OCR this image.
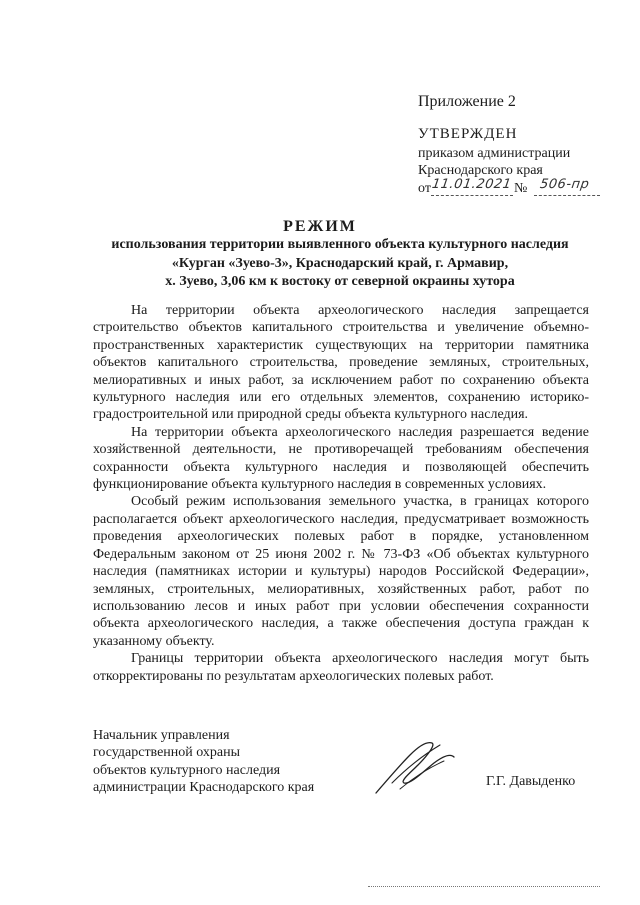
Приложение 2

УТВЕРЖДЕН
приказом администрации
Краснодарского края
от 11.01.2021 № 506-пр
РЕЖИМ
использования территории выявленного объекта культурного наследия
«Курган «Зуево-3», Краснодарский край, г. Армавир,
х. Зуево, 3,06 км к востоку от северной окраины хутора

На территории объекта археологического наследия запрещается строительство объектов капитального строительства и увеличение объемно-пространственных характеристик существующих на территории памятника объектов капитального строительства, проведение земляных, строительных, мелиоративных и иных работ, за исключением работ по сохранению объекта культурного наследия или его отдельных элементов, сохранению историко-градостроительной или природной среды объекта культурного наследия.

На территории объекта археологического наследия разрешается ведение хозяйственной деятельности, не противоречащей требованиям обеспечения сохранности объекта культурного наследия и позволяющей обеспечить функционирование объекта культурного наследия в современных условиях.

Особый режим использования земельного участка, в границах которого располагается объект археологического наследия, предусматривает возможность проведения археологических полевых работ в порядке, установленном Федеральным законом от 25 июня 2002 г. № 73-ФЗ «Об объектах культурного наследия (памятниках истории и культуры) народов Российской Федерации», земляных, строительных, мелиоративных, хозяйственных работ, работ по использованию лесов и иных работ при условии обеспечения сохранности объекта археологического наследия, а также обеспечения доступа граждан к указанному объекту.

Границы территории объекта археологического наследия могут быть откорректированы по результатам археологических полевых работ.

Начальник управления
государственной охраны
объектов культурного наследия
администрации Краснодарского края	Г.Г. Давыденко
